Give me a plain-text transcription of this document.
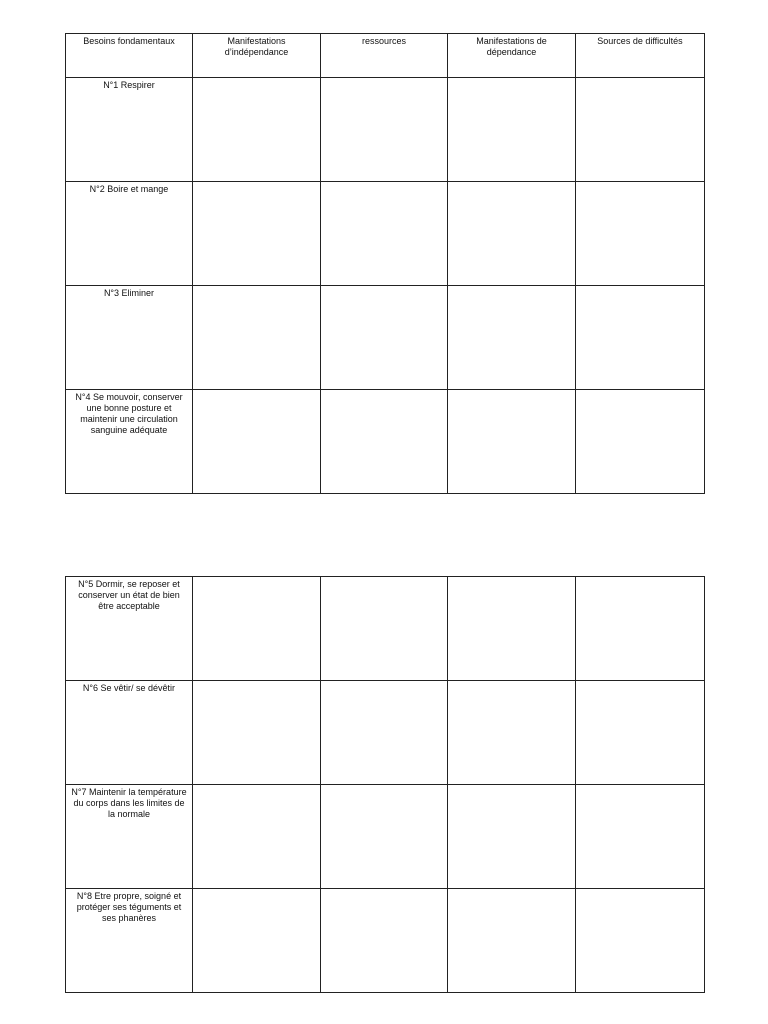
Besoins fondamentaux	Manifestations d’indépendance	ressources	Manifestations de dépendance	Sources de difficultés
N°1 Respirer				
N°2 Boire et mange				
N°3 Eliminer				
N°4 Se mouvoir, conserver une bonne posture et maintenir une circulation sanguine adéquate				
N°5 Dormir, se reposer et conserver un état de bien être acceptable				
N°6 Se vêtir/ se dévêtir				
N°7 Maintenir la température du corps dans les limites de la normale				
N°8 Etre propre, soigné et protéger ses téguments et ses phanères				
